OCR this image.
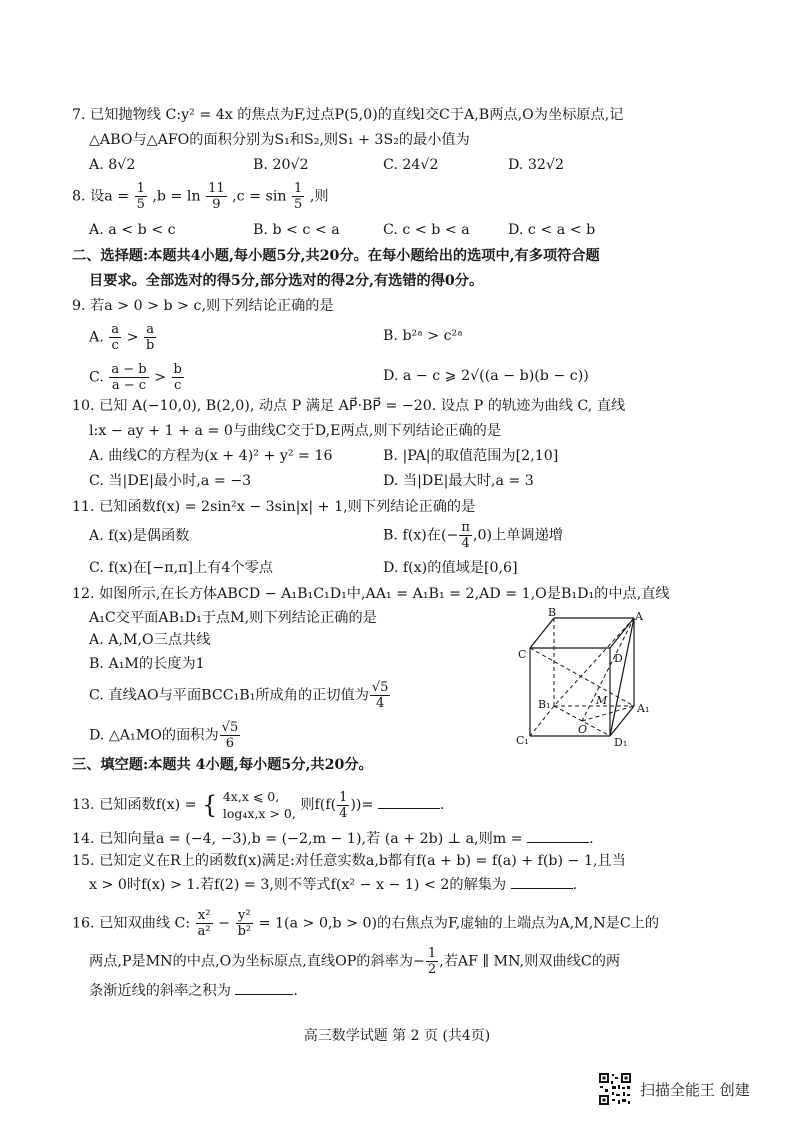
7. 已知抛物线 C:y² = 4x 的焦点为F,过点P(5,0)的直线l交C于A,B两点,O为坐标原点,记
△ABO与△AFO的面积分别为S₁和S₂,则S₁ + 3S₂的最小值为
A. 8√2	B. 20√2	C. 24√2	D. 32√2
8. 设$a = \frac{1}{5} ,b = \ln \frac{11}{9} ,c = \sin \frac{1}{5}$ ,则
A. a < b < c	B. b < c < a	C. c < b < a	D. c < a < b
二、选择题:本题共4小题,每小题5分,共20分。在每小题给出的选项中,有多项符合题
目要求。全部选对的得5分,部分选对的得2分,有选错的得0分。
9. 若a > 0 > b > c,则下列结论正确的是
A. $\frac{a}{c} > \frac{a}{b}$	B. b²ᵃ > c²ᵃ
C. $\frac{a - b}{a - c} > \frac{b}{c}$	D. a − c ⩾ 2√((a − b)(b − c))
10. 已知 A(−10,0), B(2,0), 动点 P 满足 AP⃗·BP⃗ = −20. 设点 P 的轨迹为曲线 C, 直线
l:x − ay + 1 + a = 0与曲线C交于D,E两点,则下列结论正确的是
A. 曲线C的方程为(x + 4)² + y² = 16	B. |PA|的取值范围为[2,10]
C. 当|DE|最小时,a = −3	D. 当|DE|最大时,a = 3
11. 已知函数f(x) = 2sin²x − 3sin|x| + 1,则下列结论正确的是
A. f(x)是偶函数	B. f(x)在(− $\frac{\pi}{4} ,0$)上单调递增
C. f(x)在[−π,π]上有4个零点	D. f(x)的值域是[0,6]
12. 如图所示,在长方体ABCD − A₁B₁C₁D₁中,AA₁ = A₁B₁ = 2,AD = 1,O是B₁D₁的中点,直线
A₁C交平面AB₁D₁于点M,则下列结论正确的是
A. A,M,O三点共线
B. A₁M的长度为1
C. 直线AO与平面BCC₁B₁所成角的正切值为 $\frac{√5}{4}$
D. △A₁MO的面积为 $\frac{√5}{6}$
B	A
C	D
B₁	A₁
M
O
C₁	D₁
三、填空题:本题共 4小题,每小题5分,共20分。
13. 已知函数f(x) = { 4x,x ⩽ 0,
log₄x,x > 0,
则$f(f( \frac{1}{4}$ ))=	.
14. 已知向量a = (−4, −3),b = (−2,m − 1),若 (a + 2b) ⊥ a,则m =	.
15. 已知定义在R上的函数f(x)满足:对任意实数a,b都有f(a + b) = f(a) + f(b) − 1,且当
x > 0时f(x) > 1.若f(2) = 3,则不等式f(x² − x − 1) < 2的解集为	.
16. 已知双曲线 C: $\frac{\text{x²}}{\text{a²}} - \frac{\text{y²}}{\text{b²}} = 1(a > 0,b > 0)$的右焦点为F,虚轴的上端点为A,M,N是C上的
两点,P是MN的中点,O为坐标原点,直线OP的斜率为− $\frac{1}{2}$ ,若AF ∥ MN,则双曲线C的两
条渐近线的斜率之积为	.
高三数学试题 第 2 页 (共4页)
扫描全能王 创建
